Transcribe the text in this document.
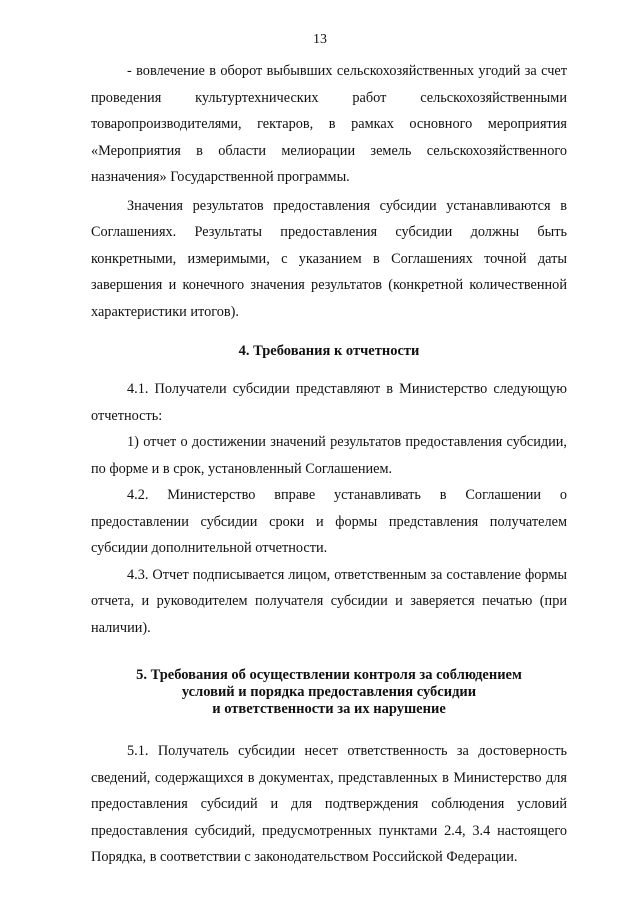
13

- вовлечение в оборот выбывших сельскохозяйственных угодий за счет проведения культуртехнических работ сельскохозяйственными товаропроизводителями, гектаров, в рамках основного мероприятия «Мероприятия в области мелиорации земель сельскохозяйственного назначения» Государственной программы.

Значения результатов предоставления субсидии устанавливаются в Соглашениях. Результаты предоставления субсидии должны быть конкретными, измеримыми, с указанием в Соглашениях точной даты завершения и конечного значения результатов (конкретной количественной характеристики итогов).

4. Требования к отчетности

4.1. Получатели субсидии представляют в Министерство следующую отчетность:

1) отчет о достижении значений результатов предоставления субсидии, по форме и в срок, установленный Соглашением.

4.2. Министерство вправе устанавливать в Соглашении о предоставлении субсидии сроки и формы представления получателем субсидии дополнительной отчетности.

4.3. Отчет подписывается лицом, ответственным за составление формы отчета, и руководителем получателя субсидии и заверяется печатью (при наличии).

5. Требования об осуществлении контроля за соблюдением

условий и порядка предоставления субсидии

и ответственности за их нарушение

5.1. Получатель субсидии несет ответственность за достоверность сведений, содержащихся в документах, представленных в Министерство для предоставления субсидий и для подтверждения соблюдения условий предоставления субсидий, предусмотренных пунктами 2.4, 3.4 настоящего Порядка, в соответствии с законодательством Российской Федерации.
